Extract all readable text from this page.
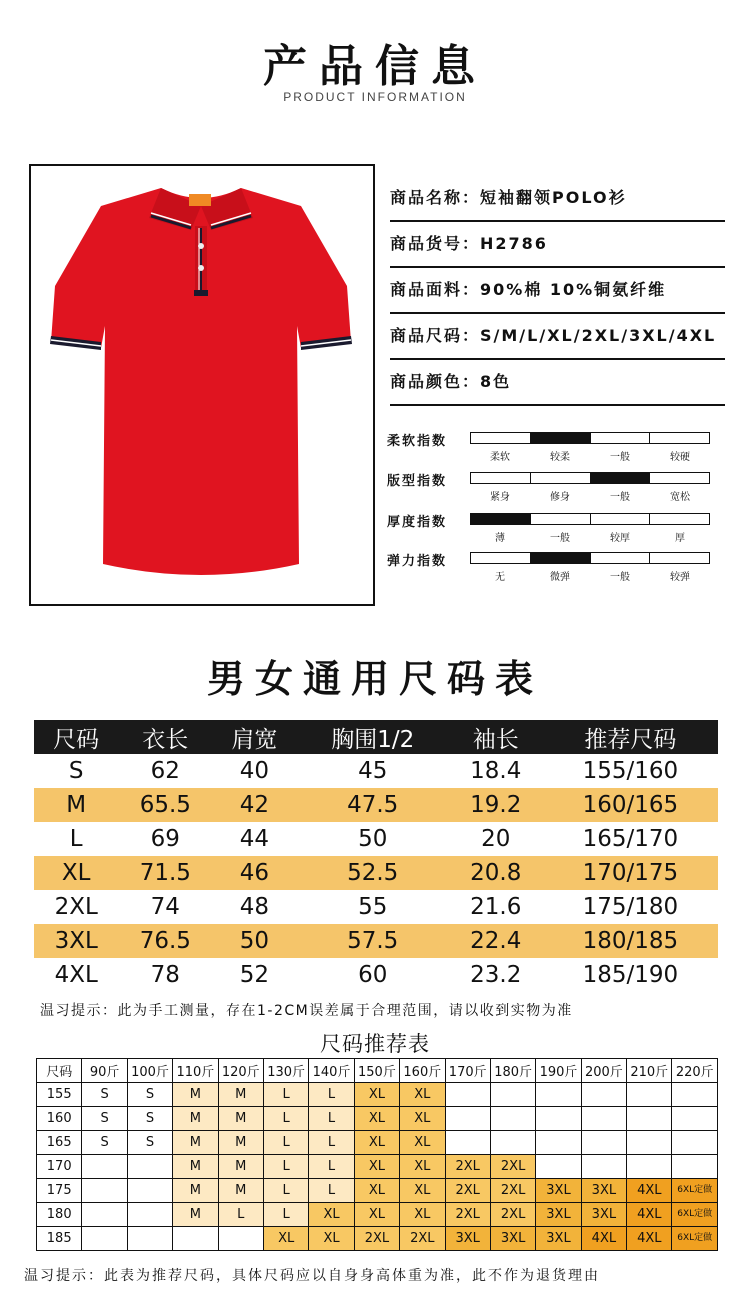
产品信息
PRODUCT INFORMATION
商品名称：短袖翻领POLO衫
商品货号：H2786
商品面料：90%棉 10%铜氨纤维
商品尺码：S/M/L/XL/2XL/3XL/4XL
商品颜色：8色
柔软指数
柔软	较柔	一般	较硬
版型指数
紧身	修身	一般	宽松
厚度指数
薄	一般	较厚	厚
弹力指数
无	微弹	一般	较弹
男女通用尺码表
尺码	衣长	肩宽	胸围1/2	袖长	推荐尺码
S	62	40	45	18.4	155/160
M	65.5	42	47.5	19.2	160/165
L	69	44	50	20	165/170
XL	71.5	46	52.5	20.8	170/175
2XL	74	48	55	21.6	175/180
3XL	76.5	50	57.5	22.4	180/185
4XL	78	52	60	23.2	185/190
温习提示：此为手工测量，存在1-2CM误差属于合理范围，请以收到实物为准
尺码推荐表
尺码	90斤	100斤	110斤	120斤	130斤	140斤	150斤	160斤	170斤	180斤	190斤	200斤	210斤	220斤
155	S	S	M	M	L	L	XL	XL						
160	S	S	M	M	L	L	XL	XL						
165	S	S	M	M	L	L	XL	XL						
170			M	M	L	L	XL	XL	2XL	2XL				
175			M	M	L	L	XL	XL	2XL	2XL	3XL	3XL	4XL	6XL定做
180			M	L	L	XL	XL	XL	2XL	2XL	3XL	3XL	4XL	6XL定做
185					XL	XL	2XL	2XL	3XL	3XL	3XL	4XL	4XL	6XL定做
温习提示：此表为推荐尺码，具体尺码应以自身身高体重为准，此不作为退货理由
